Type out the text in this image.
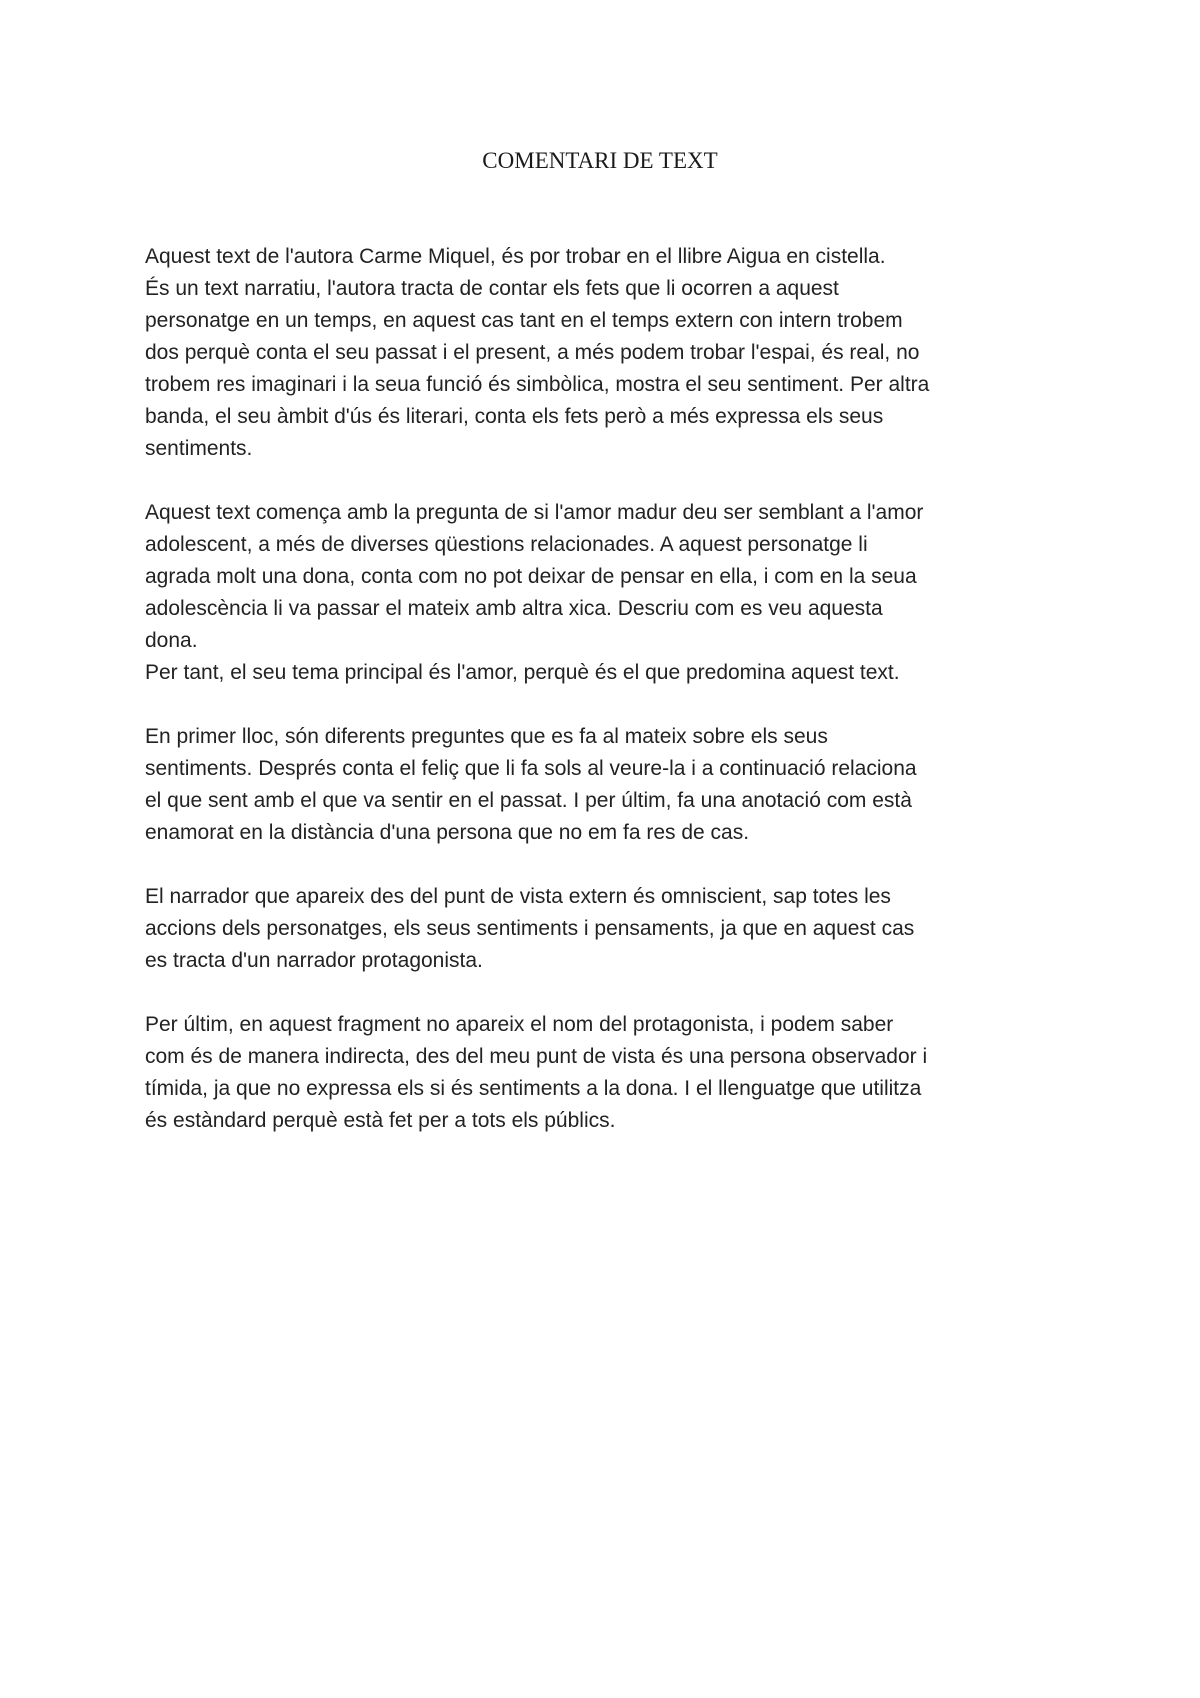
COMENTARI DE TEXT

Aquest text de l'autora Carme Miquel, és por trobar en el llibre Aigua en cistella.
És un text narratiu, l'autora tracta de contar els fets que li ocorren a aquest
personatge en un temps, en aquest cas tant en el temps extern con intern trobem
dos perquè conta el seu passat i el present, a més podem trobar l'espai, és real, no
trobem res imaginari i la seua funció és simbòlica, mostra el seu sentiment. Per altra
banda, el seu àmbit d'ús és literari, conta els fets però a més expressa els seus
sentiments.

Aquest text comença amb la pregunta de si l'amor madur deu ser semblant a l'amor
adolescent, a més de diverses qüestions relacionades. A aquest personatge li
agrada molt una dona, conta com no pot deixar de pensar en ella, i com en la seua
adolescència li va passar el mateix amb altra xica. Descriu com es veu aquesta
dona.
Per tant, el seu tema principal és l'amor, perquè és el que predomina aquest text.

En primer lloc, són diferents preguntes que es fa al mateix sobre els seus
sentiments. Després conta el feliç que li fa sols al veure-la i a continuació relaciona
el que sent amb el que va sentir en el passat. I per últim, fa una anotació com està
enamorat en la distància d'una persona que no em fa res de cas.

El narrador que apareix des del punt de vista extern és omniscient, sap totes les
accions dels personatges, els seus sentiments i pensaments, ja que en aquest cas
es tracta d'un narrador protagonista.

Per últim, en aquest fragment no apareix el nom del protagonista, i podem saber
com és de manera indirecta, des del meu punt de vista és una persona observador i
tímida, ja que no expressa els si és sentiments a la dona. I el llenguatge que utilitza
és estàndard perquè està fet per a tots els públics.
